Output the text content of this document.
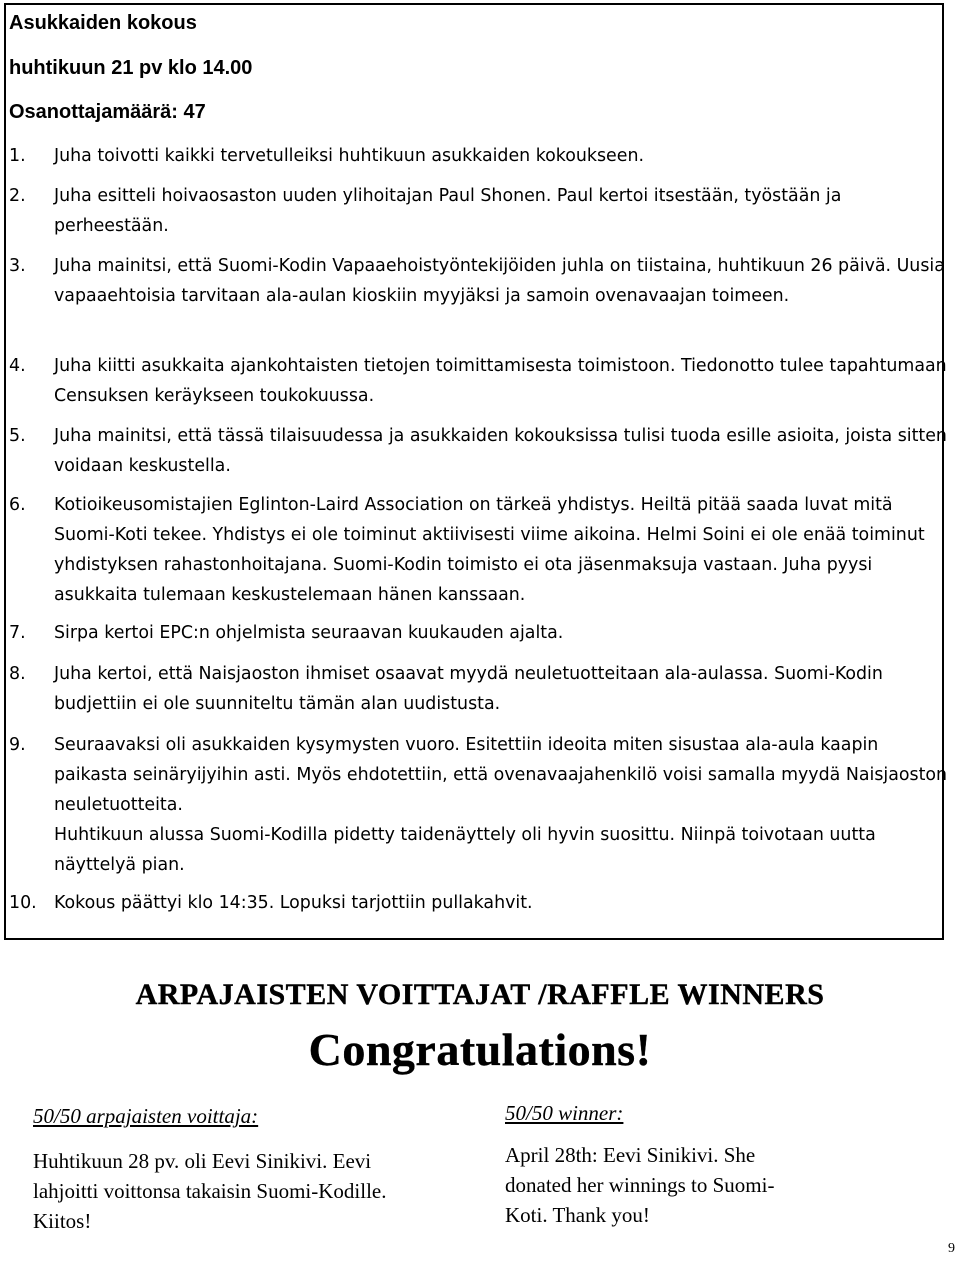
Asukkaiden kokous
huhtikuun 21 pv klo 14.00
Osanottajamäärä: 47
1. Juha toivotti kaikki tervetulleiksi huhtikuun asukkaiden kokoukseen.
2. Juha esitteli hoivaosaston uuden ylihoitajan Paul Shonen. Paul kertoi itsestään, työstään ja perheestään.
3. Juha mainitsi, että Suomi-Kodin Vapaaehoistyöntekijöiden juhla on tiistaina, huhtikuun 26 päivä. Uusia vapaaehtoisia tarvitaan ala-aulan kioskiin myyjäksi ja samoin ovenavaajan toimeen.
4. Juha kiitti asukkaita ajankohtaisten tietojen toimittamisesta toimistoon. Tiedonotto tulee tapahtumaan Censuksen keräykseen toukokuussa.
5. Juha mainitsi, että tässä tilaisuudessa ja asukkaiden kokouksissa tulisi tuoda esille asioita, joista sitten voidaan keskustella.
6. Kotioikeusomistajien Eglinton-Laird Association on tärkeä yhdistys. Heiltä pitää saada luvat mitä Suomi-Koti tekee. Yhdistys ei ole toiminut aktiivisesti viime aikoina. Helmi Soini ei ole enää toiminut yhdistyksen rahastonhoitajana. Suomi-Kodin toimisto ei ota jäsenmaksuja vastaan. Juha pyysi asukkaita tulemaan keskustelemaan hänen kanssaan.
7. Sirpa kertoi EPC:n ohjelmista seuraavan kuukauden ajalta.
8. Juha kertoi, että Naisjaoston ihmiset osaavat myydä neuletuotteitaan ala-aulassa. Suomi-Kodin budjettiin ei ole suunniteltu tämän alan uudistusta.
9. Seuraavaksi oli asukkaiden kysymysten vuoro. Esitettiin ideoita miten sisustaa ala-aula kaapin paikasta seinäryijyihin asti. Myös ehdotettiin, että ovenavaajahenkilö voisi samalla myydä Naisjaoston neuletuotteita.
Huhtikuun alussa Suomi-Kodilla pidetty taidenäyttely oli hyvin suosittu. Niinpä toivotaan uutta näyttelyä pian.
10. Kokous päättyi klo 14:35. Lopuksi tarjottiin pullakahvit.
ARPAJAISTEN VOITTAJAT /RAFFLE WINNERS
Congratulations!
50/50 arpajaisten voittaja:
Huhtikuun 28 pv. oli Eevi Sinikivi. Eevi lahjoitti voittonsa takaisin Suomi-Kodille. Kiitos!
50/50 winner:
April 28th: Eevi Sinikivi. She donated her winnings to Suomi-Koti. Thank you!
9
